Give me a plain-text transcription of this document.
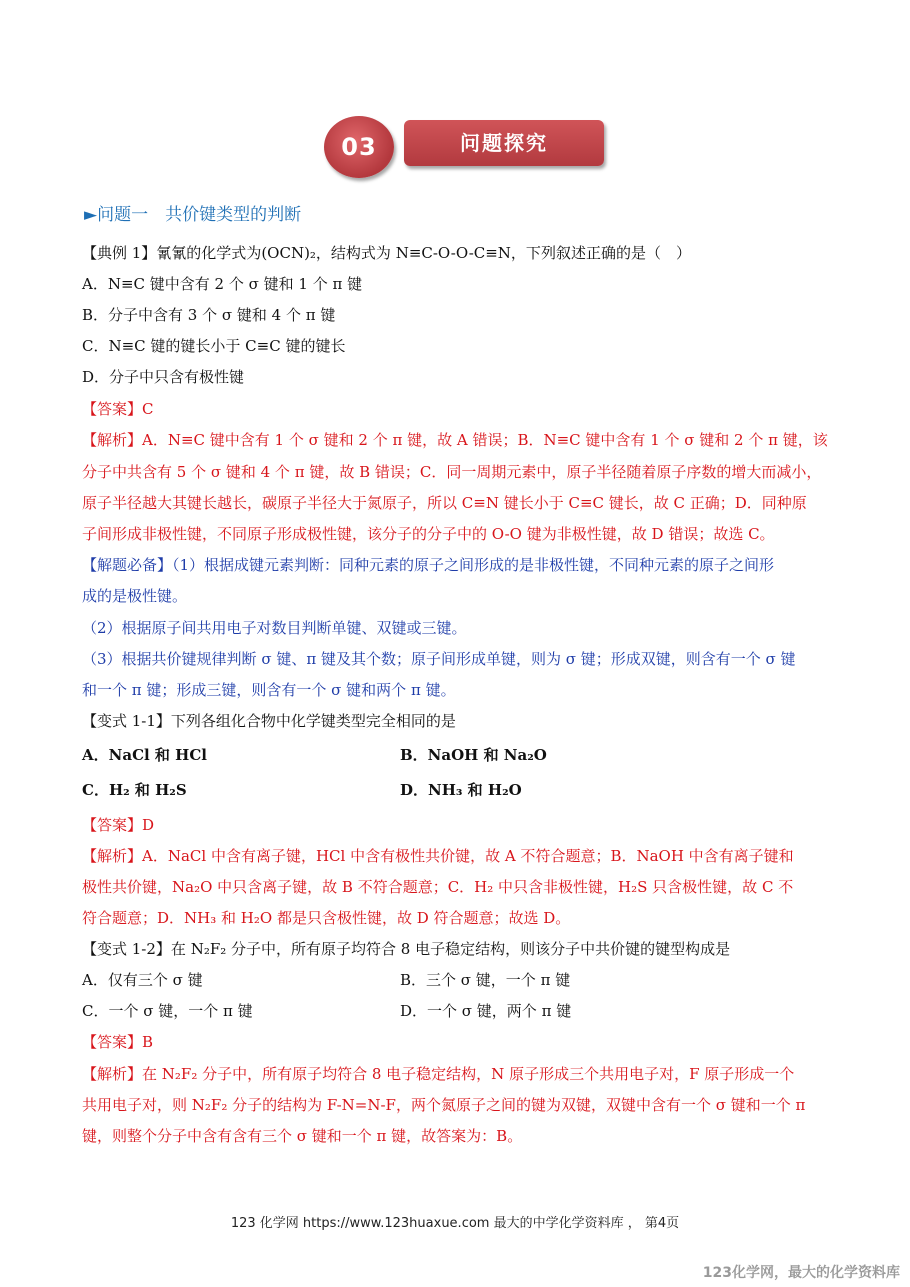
03	问题探究
►问题一　共价键类型的判断
【典例 1】氰氰的化学式为(OCN)₂，结构式为 N≡C-O-O-C≡N，下列叙述正确的是（　）
A．N≡C 键中含有 2 个 σ 键和 1 个 π 键
B．分子中含有 3 个 σ 键和 4 个 π 键
C．N≡C 键的键长小于 C≡C 键的键长
D．分子中只含有极性键
【答案】C
【解析】A．N≡C 键中含有 1 个 σ 键和 2 个 π 键，故 A 错误；B．N≡C 键中含有 1 个 σ 键和 2 个 π 键，该
分子中共含有 5 个 σ 键和 4 个 π 键，故 B 错误；C．同一周期元素中，原子半径随着原子序数的增大而减小，
原子半径越大其键长越长，碳原子半径大于氮原子，所以 C≡N 键长小于 C≡C 键长，故 C 正确；D．同种原
子间形成非极性键，不同原子形成极性键，该分子的分子中的 O-O 键为非极性键，故 D 错误；故选 C。
【解题必备】（1）根据成键元素判断：同种元素的原子之间形成的是非极性键，不同种元素的原子之间形
成的是极性键。
（2）根据原子间共用电子对数目判断单键、双键或三键。
（3）根据共价键规律判断 σ 键、π 键及其个数；原子间形成单键，则为 σ 键；形成双键，则含有一个 σ 键
和一个 π 键；形成三键，则含有一个 σ 键和两个 π 键。
【变式 1-1】下列各组化合物中化学键类型完全相同的是
A．NaCl 和 HCl	B．NaOH 和 Na₂O
C．H₂ 和 H₂S	D．NH₃ 和 H₂O
【答案】D
【解析】A．NaCl 中含有离子键，HCl 中含有极性共价键，故 A 不符合题意；B．NaOH 中含有离子键和
极性共价键，Na₂O 中只含离子键，故 B 不符合题意；C．H₂ 中只含非极性键，H₂S 只含极性键，故 C 不
符合题意；D．NH₃ 和 H₂O 都是只含极性键，故 D 符合题意；故选 D。
【变式 1-2】在 N₂F₂ 分子中，所有原子均符合 8 电子稳定结构，则该分子中共价键的键型构成是
A．仅有三个 σ 键	B．三个 σ 键，一个 π 键
C．一个 σ 键，一个 π 键	D．一个 σ 键，两个 π 键
【答案】B
【解析】在 N₂F₂ 分子中，所有原子均符合 8 电子稳定结构，N 原子形成三个共用电子对，F 原子形成一个
共用电子对，则 N₂F₂ 分子的结构为 F-N=N-F，两个氮原子之间的键为双键，双键中含有一个 σ 键和一个 π
键，则整个分子中含有含有三个 σ 键和一个 π 键，故答案为：B。
123 化学网 https://www.123huaxue.com 最大的中学化学资料库 ， 第4页
123化学网，最大的化学资料库
